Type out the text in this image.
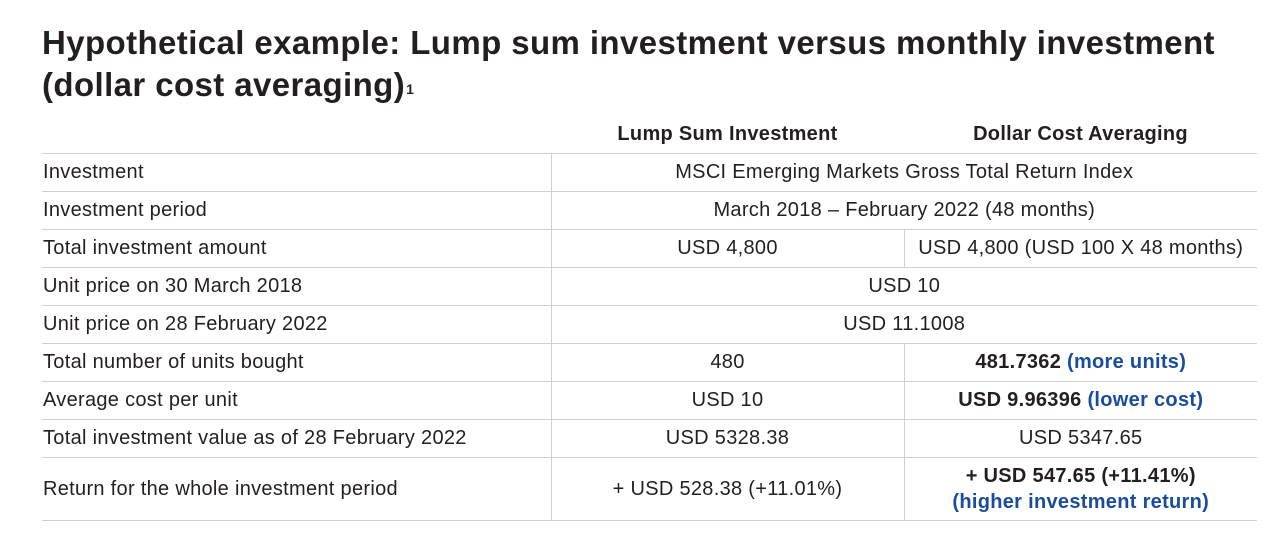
Hypothetical example: Lump sum investment versus monthly investment (dollar cost averaging)$^1$
	Lump Sum Investment	Dollar Cost Averaging
Investment	MSCI Emerging Markets Gross Total Return Index	
Investment period	March 2018 – February 2022 (48 months)	
Total investment amount	USD 4,800	USD 4,800 (USD 100 X 48 months)
Unit price on 30 March 2018	USD 10	
Unit price on 28 February 2022	USD 11.1008	
Total number of units bought	480	481.7362 (more units)
Average cost per unit	USD 10	USD 9.96396 (lower cost)
Total investment value as of 28 February 2022	USD 5328.38	USD 5347.65
Return for the whole investment period	+ USD 528.38 (+11.01%)	+ USD 547.65 (+11.41%)
(higher investment return)
